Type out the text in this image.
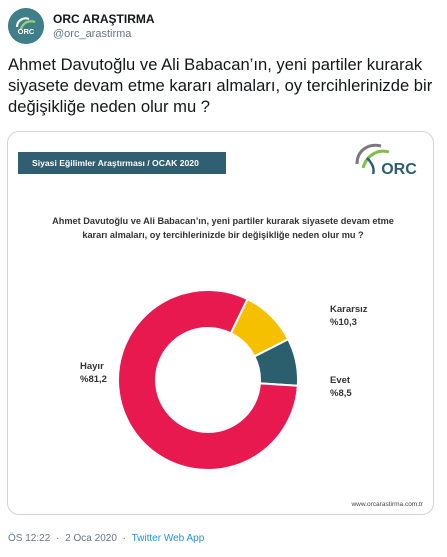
ORC
ORC ARAŞTIRMA
@orc_arastirma
Ahmet Davutoğlu ve Ali Babacan’ın, yeni partiler kurarak siyasete devam etme kararı almaları, oy tercihlerinizde bir değişikliğe neden olur mu ?
Siyasi Eğilimler Araştırması / OCAK 2020	ORC
Ahmet Davutoğlu ve Ali Babacan’ın, yeni partiler kurarak siyasete devam etme kararı almaları, oy tercihlerinizde bir değişikliğe neden olur mu ?
Kararsız
%10,3
Evet
%8,5
Hayır
%81,2
www.orcarastirma.com.tr
ÖS 12:22 · 2 Oca 2020 · Twitter Web App
